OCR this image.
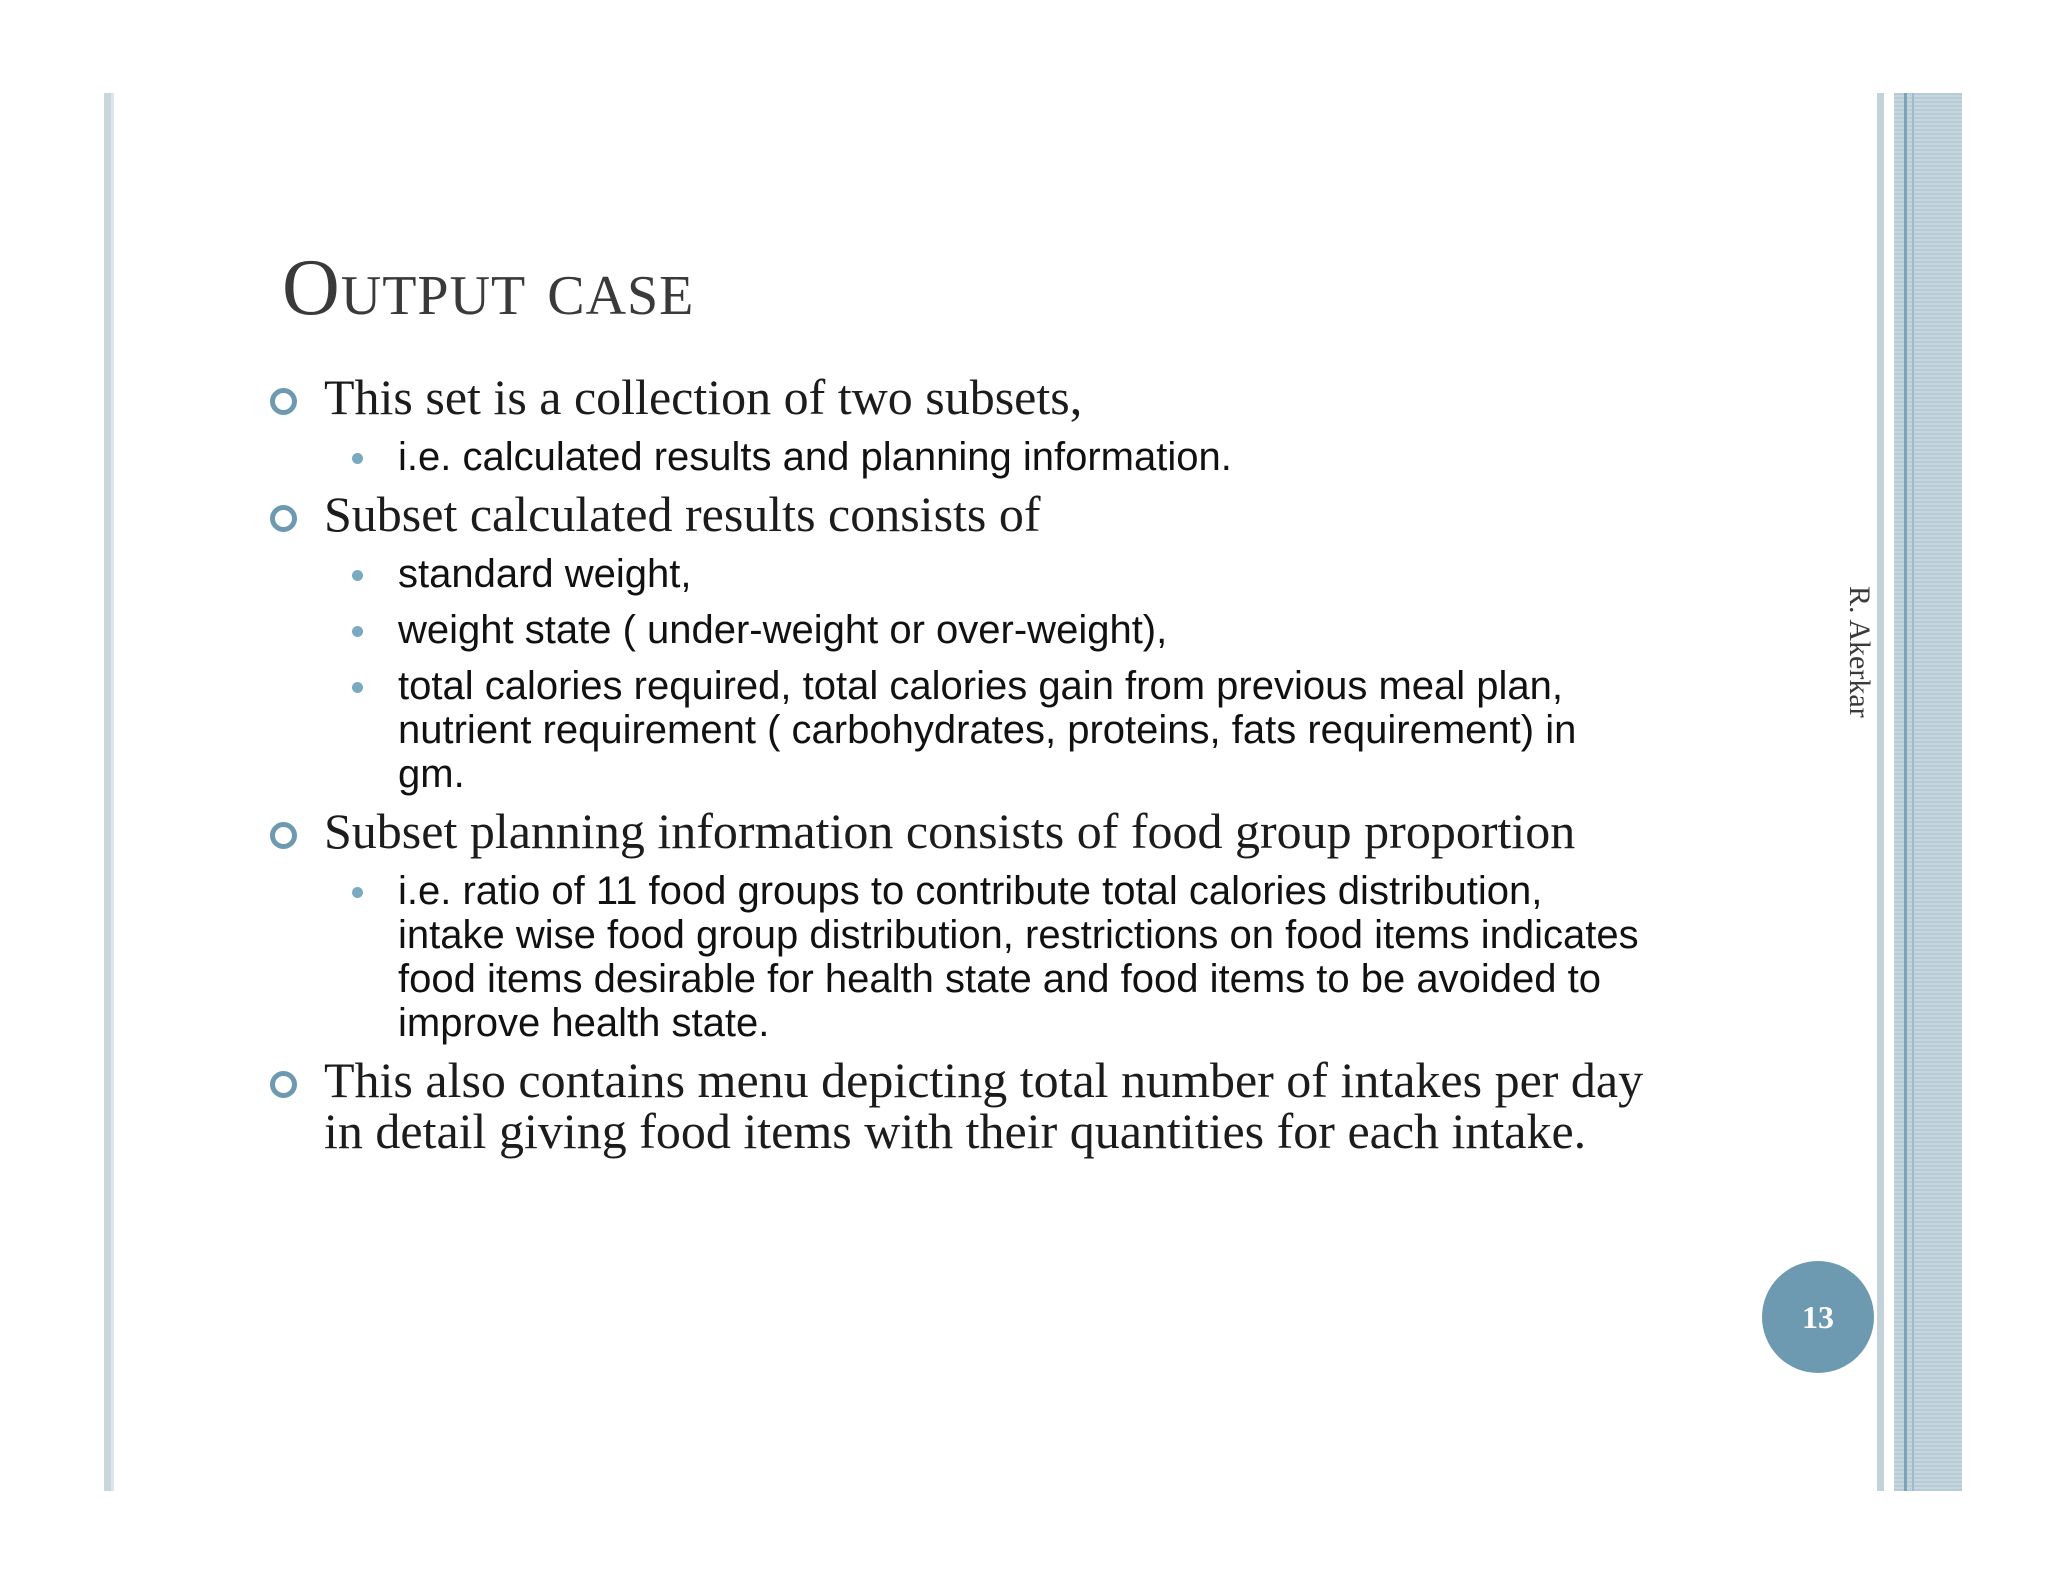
Output case
This set is a collection of two subsets,
i.e. calculated results and planning information.
Subset calculated results consists of
standard weight,
weight state ( under-weight or over-weight),
total calories required, total calories gain from previous meal plan, nutrient requirement ( carbohydrates, proteins, fats requirement) in gm.
Subset planning information consists of food group proportion
i.e. ratio of 11 food groups to contribute total calories distribution, intake wise food group distribution, restrictions on food items indicates food items desirable for health state and food items to be avoided to improve health state.
This also contains menu depicting total number of intakes per day in detail giving food items with their quantities for each intake.
R. Akerkar
13
